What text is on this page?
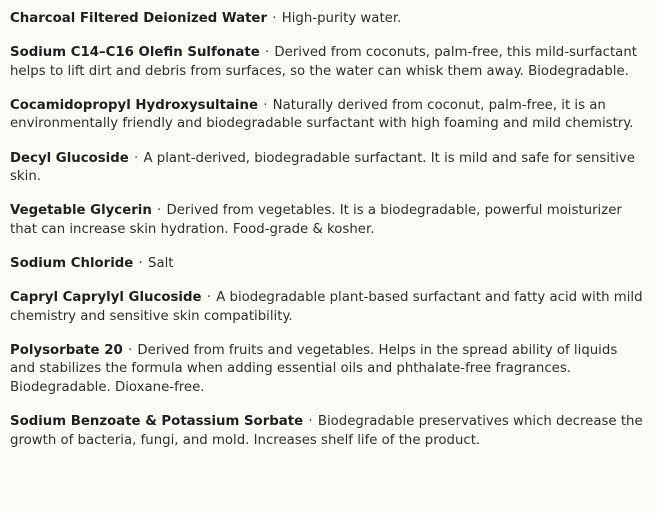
Charcoal Filtered Deionized Water · High-purity water.

Sodium C14–C16 Olefin Sulfonate · Derived from coconuts, palm-free, this mild-surfactant helps to lift dirt and debris from surfaces, so the water can whisk them away. Biodegradable.

Cocamidopropyl Hydroxysultaine · Naturally derived from coconut, palm-free, it is an environmentally friendly and biodegradable surfactant with high foaming and mild chemistry.

Decyl Glucoside · A plant-derived, biodegradable surfactant. It is mild and safe for sensitive skin.

Vegetable Glycerin · Derived from vegetables. It is a biodegradable, powerful moisturizer that can increase skin hydration. Food-grade & kosher.

Sodium Chloride · Salt

Capryl Caprylyl Glucoside · A biodegradable plant-based surfactant and fatty acid with mild chemistry and sensitive skin compatibility.

Polysorbate 20 · Derived from fruits and vegetables. Helps in the spread ability of liquids and stabilizes the formula when adding essential oils and phthalate-free fragrances. Biodegradable. Dioxane-free.

Sodium Benzoate & Potassium Sorbate · Biodegradable preservatives which decrease the growth of bacteria, fungi, and mold. Increases shelf life of the product.
